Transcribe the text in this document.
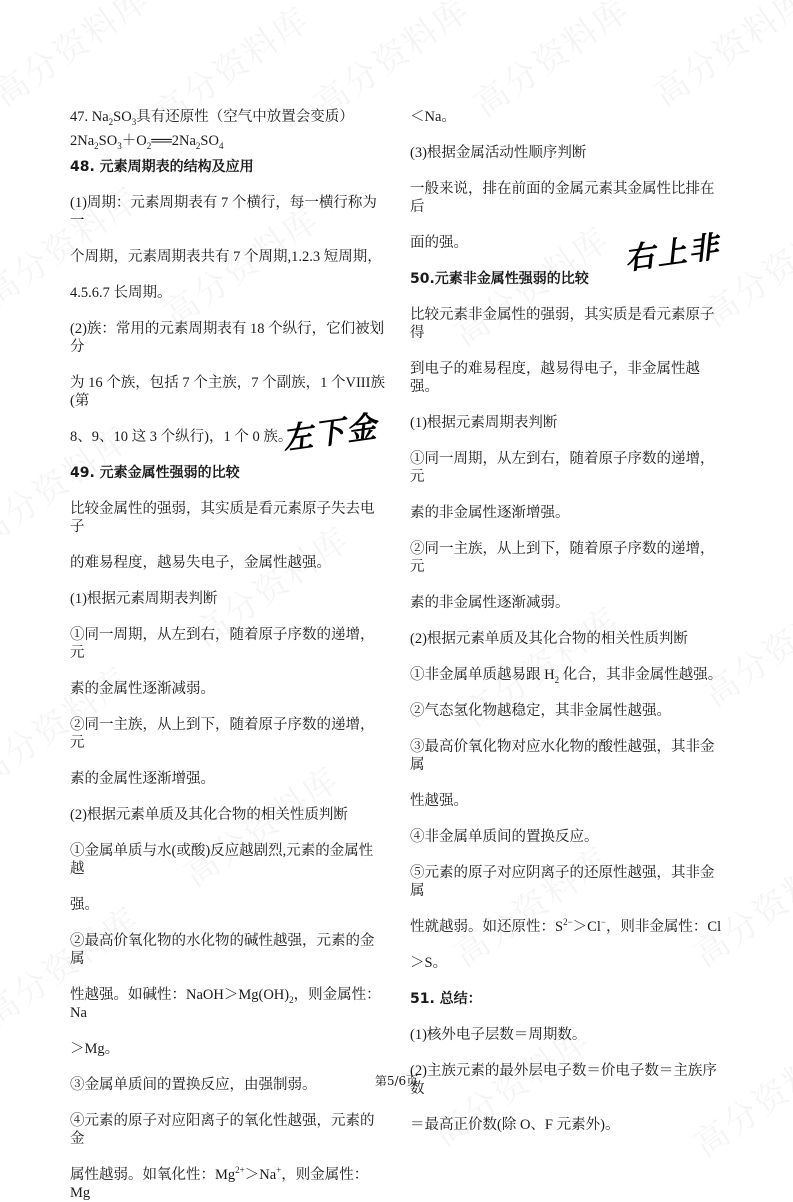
左下金
右上非

47. $Na_2SO_3$具有还原性（空气中放置会变质）

$2Na_2SO_3+O_2══2Na_2SO_4$

48. 元素周期表的结构及应用

(1)周期：元素周期表有 7 个横行，每一横行称为一

个周期，元素周期表共有 7 个周期,1.2.3 短周期，

4.5.6.7 长周期。

(2)族：常用的元素周期表有 18 个纵行，它们被划分

为 16 个族，包括 7 个主族，7 个副族，1 个VIII族(第

8、9、10 这 3 个纵行)，1 个 0 族。

49. 元素金属性强弱的比较

比较金属性的强弱，其实质是看元素原子失去电子

的难易程度，越易失电子，金属性越强。

(1)根据元素周期表判断

①同一周期，从左到右，随着原子序数的递增，元

素的金属性逐渐减弱。

②同一主族，从上到下，随着原子序数的递增，元

素的金属性逐渐增强。

(2)根据元素单质及其化合物的相关性质判断

①金属单质与水(或酸)反应越剧烈,元素的金属性越

强。

②最高价氧化物的水化物的碱性越强，元素的金属

性越强。如碱性：$NaOH>Mg(OH)_2$，则金属性：Na

＞Mg。

③金属单质间的置换反应，由强制弱。

④元素的原子对应阳离子的氧化性越强，元素的金

属性越弱。如氧化性：$Mg^{2+}>Na^+$，则金属性：Mg

＜Na。

(3)根据金属活动性顺序判断

一般来说，排在前面的金属元素其金属性比排在后

面的强。

50.元素非金属性强弱的比较

比较元素非金属性的强弱，其实质是看元素原子得

到电子的难易程度，越易得电子，非金属性越强。

(1)根据元素周期表判断

①同一周期，从左到右，随着原子序数的递增，元

素的非金属性逐渐增强。

②同一主族，从上到下，随着原子序数的递增，元

素的非金属性逐渐减弱。

(2)根据元素单质及其化合物的相关性质判断

①非金属单质越易跟 $H_2$ 化合，其非金属性越强。

②气态氢化物越稳定，其非金属性越强。

③最高价氧化物对应水化物的酸性越强，其非金属

性越强。

④非金属单质间的置换反应。

⑤元素的原子对应阴离子的还原性越强，其非金属

性就越弱。如还原性：$S^{2-}>Cl^-$，则非金属性：Cl

＞S。

51. 总结：

(1)核外电子层数＝周期数。

(2)主族元素的最外层电子数＝价电子数＝主族序数

＝最高正价数(除 O、F 元素外)。

第5/6页
